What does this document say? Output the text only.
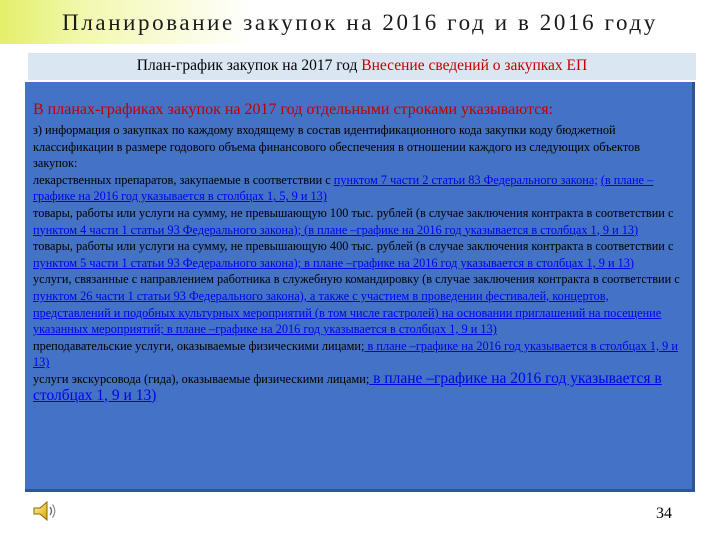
Планирование закупок на 2016 год и в 2016 году
План-график закупок на 2017 год Внесение сведений о закупках ЕП
В планах-графиках закупок на 2017 год отдельными строками указываются:
з) информация о закупках по каждому входящему в состав идентификационного кода закупки коду бюджетной классификации в размере годового объема финансового обеспечения в отношении каждого из следующих объектов закупок:
лекарственных препаратов, закупаемые в соответствии с пунктом 7 части 2 статьи 83 Федерального закона; (в плане –графике на 2016 год указывается в столбцах 1, 5, 9 и 13)
товары, работы или услуги на сумму, не превышающую 100 тыс. рублей (в случае заключения контракта в соответствии с пунктом 4 части 1 статьи 93 Федерального закона); (в плане –графике на 2016 год указывается в столбцах 1, 9 и 13)
товары, работы или услуги на сумму, не превышающую 400 тыс. рублей (в случае заключения контракта в соответствии с пунктом 5 части 1 статьи 93 Федерального закона); в плане –графике на 2016 год указывается в столбцах 1, 9 и 13)
услуги, связанные с направлением работника в служебную командировку (в случае заключения контракта в соответствии с пунктом 26 части 1 статьи 93 Федерального закона), а также с участием в проведении фестивалей, концертов, представлений и подобных культурных мероприятий (в том числе гастролей) на основании приглашений на посещение указанных мероприятий; в плане –графике на 2016 год указывается в столбцах 1, 9 и 13)
преподавательские услуги, оказываемые физическими лицами; в плане –графике на 2016 год указывается в столбцах 1, 9 и 13)
услуги экскурсовода (гида), оказываемые физическими лицами; в плане –графике на 2016 год указывается в столбцах 1, 9 и 13)
34
